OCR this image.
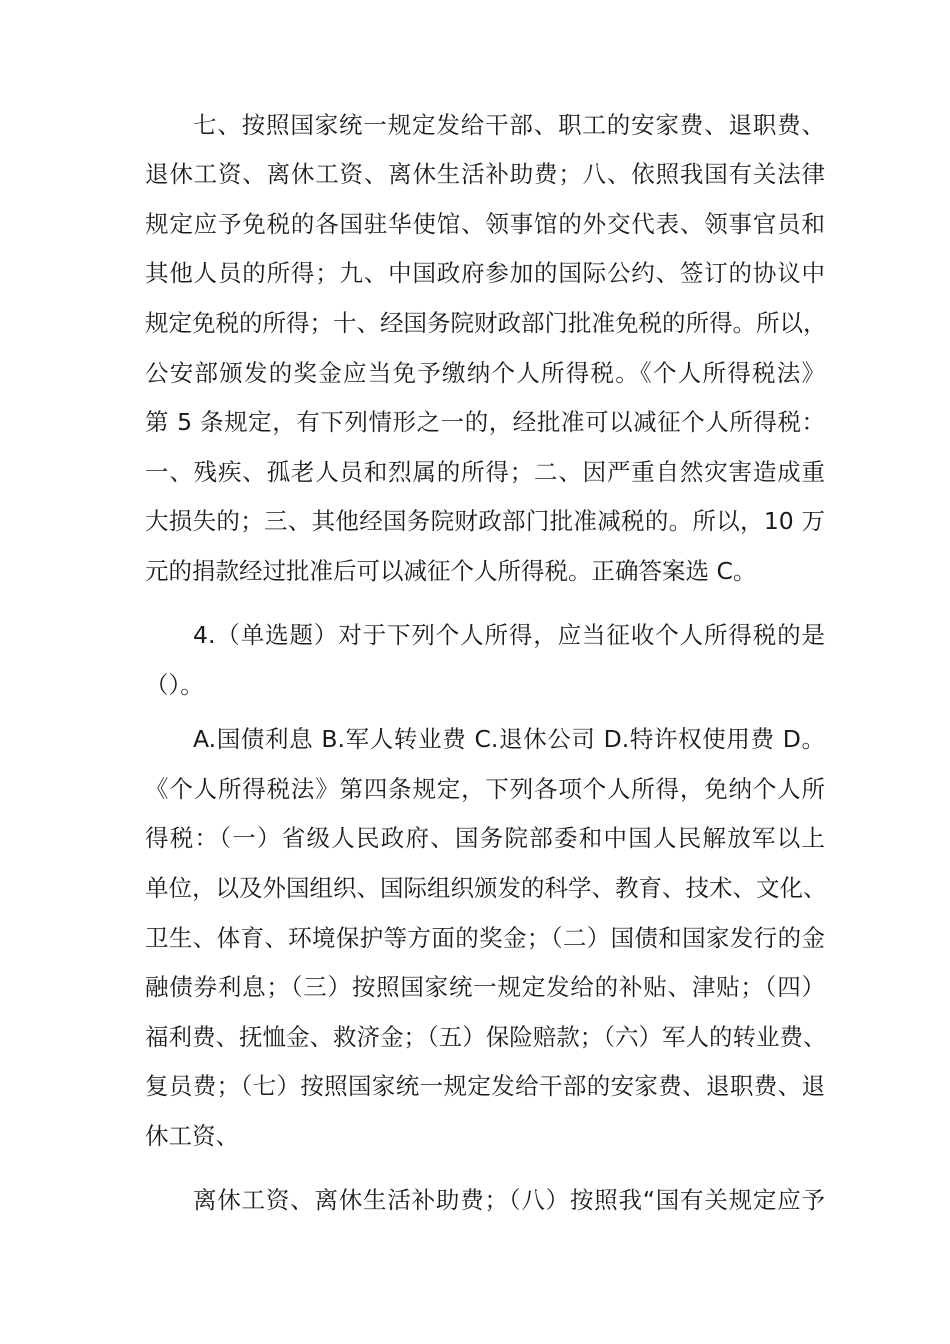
七、按照国家统一规定发给干部、职工的安家费、退职费、
退休工资、离休工资、离休生活补助费；八、依照我国有关法律
规定应予免税的各国驻华使馆、领事馆的外交代表、领事官员和
其他人员的所得；九、中国政府参加的国际公约、签订的协议中
规定免税的所得；十、经国务院财政部门批准免税的所得。所以，
公安部颁发的奖金应当免予缴纳个人所得税。《个人所得税法》
第 5 条规定，有下列情形之一的，经批准可以减征个人所得税：
一、残疾、孤老人员和烈属的所得；二、因严重自然灾害造成重
大损失的；三、其他经国务院财政部门批准减税的。所以，10 万
元的捐款经过批准后可以减征个人所得税。正确答案选 C。
4.（单选题）对于下列个人所得，应当征收个人所得税的是
（）。
A.国债利息 B.军人转业费 C.退休公司 D.特许权使用费 D。
《个人所得税法》第四条规定，下列各项个人所得，免纳个人所
得税：（一）省级人民政府、国务院部委和中国人民解放军以上
单位，以及外国组织、国际组织颁发的科学、教育、技术、文化、
卫生、体育、环境保护等方面的奖金；（二）国债和国家发行的金
融债券利息；（三）按照国家统一规定发给的补贴、津贴；（四）
福利费、抚恤金、救济金；（五）保险赔款；（六）军人的转业费、
复员费；（七）按照国家统一规定发给干部的安家费、退职费、退
休工资、
离休工资、离休生活补助费；（八）按照我“国有关规定应予
